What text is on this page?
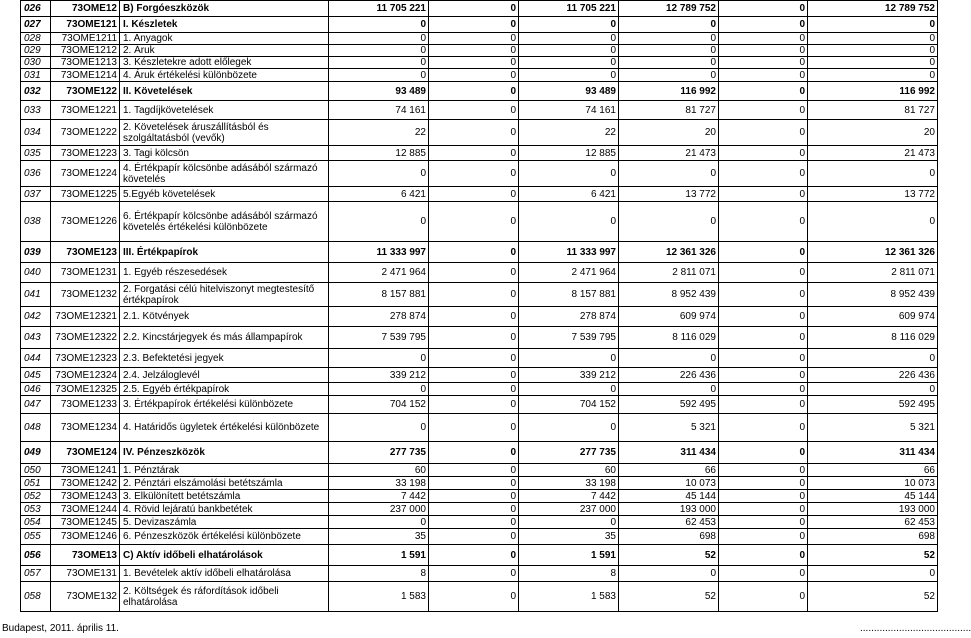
026	73OME12	B) Forgóeszközök	11 705 221	0	11 705 221	12 789 752	0	12 789 752
027	73OME121	I. Készletek	0	0	0	0	0	0
028	73OME1211	1. Anyagok	0	0	0	0	0	0
029	73OME1212	2. Áruk	0	0	0	0	0	0
030	73OME1213	3. Készletekre adott előlegek	0	0	0	0	0	0
031	73OME1214	4. Áruk értékelési különbözete	0	0	0	0	0	0
032	73OME122	II. Követelések	93 489	0	93 489	116 992	0	116 992
033	73OME1221	1. Tagdíjkövetelések	74 161	0	74 161	81 727	0	81 727
034	73OME1222	2. Követelések áruszállításból és szolgáltatásból (vevők)	22	0	22	20	0	20
035	73OME1223	3. Tagi kölcsön	12 885	0	12 885	21 473	0	21 473
036	73OME1224	4. Értékpapír kölcsönbe adásából származó követelés	0	0	0	0	0	0
037	73OME1225	5.Egyéb követelések	6 421	0	6 421	13 772	0	13 772
038	73OME1226	6. Értékpapír kölcsönbe adásából származó követelés értékelési különbözete	0	0	0	0	0	0
039	73OME123	III. Értékpapírok	11 333 997	0	11 333 997	12 361 326	0	12 361 326
040	73OME1231	1. Egyéb részesedések	2 471 964	0	2 471 964	2 811 071	0	2 811 071
041	73OME1232	2. Forgatási célú hitelviszonyt megtestesítő értékpapírok	8 157 881	0	8 157 881	8 952 439	0	8 952 439
042	73OME12321	2.1. Kötvények	278 874	0	278 874	609 974	0	609 974
043	73OME12322	2.2. Kincstárjegyek és más állampapírok	7 539 795	0	7 539 795	8 116 029	0	8 116 029
044	73OME12323	2.3. Befektetési jegyek	0	0	0	0	0	0
045	73OME12324	2.4. Jelzáloglevél	339 212	0	339 212	226 436	0	226 436
046	73OME12325	2.5. Egyéb értékpapírok	0	0	0	0	0	0
047	73OME1233	3. Értékpapírok értékelési különbözete	704 152	0	704 152	592 495	0	592 495
048	73OME1234	4. Határidős ügyletek értékelési különbözete	0	0	0	5 321	0	5 321
049	73OME124	IV. Pénzeszközök	277 735	0	277 735	311 434	0	311 434
050	73OME1241	1. Pénztárak	60	0	60	66	0	66
051	73OME1242	2. Pénztári elszámolási betétszámla	33 198	0	33 198	10 073	0	10 073
052	73OME1243	3. Elkülönített betétszámla	7 442	0	7 442	45 144	0	45 144
053	73OME1244	4. Rövid lejáratú bankbetétek	237 000	0	237 000	193 000	0	193 000
054	73OME1245	5. Devizaszámla	0	0	0	62 453	0	62 453
055	73OME1246	6. Pénzeszközök értékelési különbözete	35	0	35	698	0	698
056	73OME13	C) Aktív időbeli elhatárolások	1 591	0	1 591	52	0	52
057	73OME131	1. Bevételek aktív időbeli elhatárolása	8	0	8	0	0	0
058	73OME132	2. Költségek és ráfordítások időbeli elhatárolása	1 583	0	1 583	52	0	52
Budapest, 2011. április 11.	........................................
